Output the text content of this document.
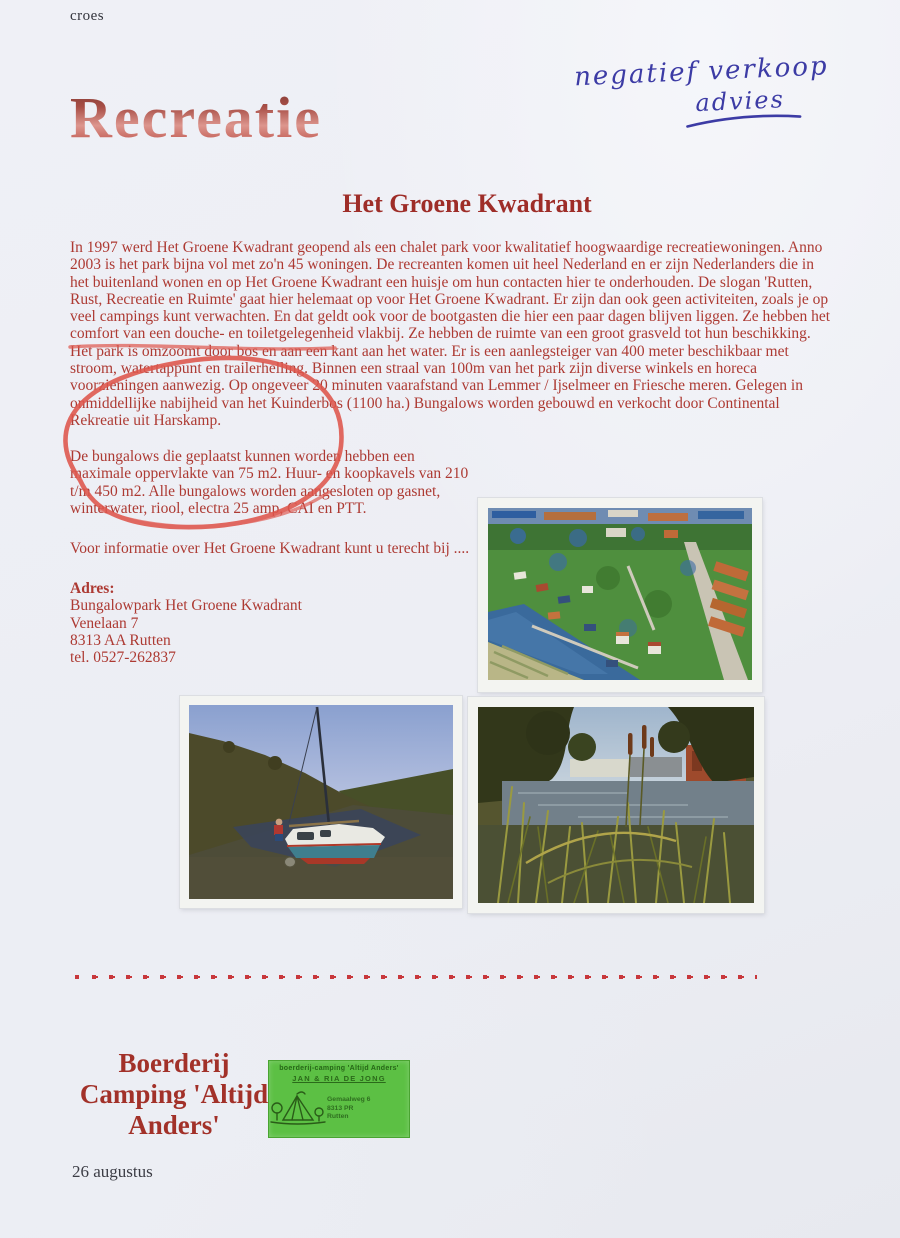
croes
Recreatie
negatief verkoop
advies
Het Groene Kwadrant
In 1997 werd Het Groene Kwadrant geopend als een chalet park voor kwalitatief hoogwaardige recreatiewoningen. Anno 2003 is het park bijna vol met zo'n 45 woningen. De recreanten komen uit heel Nederland en er zijn Nederlanders die in het buitenland wonen en op Het Groene Kwadrant een huisje om hun contacten hier te onderhouden. De slogan 'Rutten, Rust, Recreatie en Ruimte' gaat hier helemaat op voor Het Groene Kwadrant. Er zijn dan ook geen activiteiten, zoals je op veel campings kunt verwachten. En dat geldt ook voor de bootgasten die hier een paar dagen blijven liggen. Ze hebben het comfort van een douche- en toiletgelegenheid vlakbij. Ze hebben de ruimte van een groot grasveld tot hun beschikking. Het park is omzoomt door bos en aan een kant aan het water. Er is een aanlegsteiger van 400 meter beschikbaar met stroom, watertappunt en trailerhelling. Binnen een straal van 100m van het park zijn diverse winkels en horeca voorzieningen aanwezig. Op ongeveer 20 minuten vaarafstand van Lemmer / Ijselmeer en Friesche meren. Gelegen in onmiddellijke nabijheid van het Kuinderbos (1100 ha.) Bungalows worden gebouwd en verkocht door Continental Rekreatie uit Harskamp.
De bungalows die geplaatst kunnen worden hebben een maximale oppervlakte van 75 m2. Huur- en koopkavels van 210 t/m 450 m2. Alle bungalows worden aangesloten op gasnet, winterwater, riool, electra 25 amp, CAI en PTT.
Voor informatie over Het Groene Kwadrant kunt u terecht bij ....
Adres:
Bungalowpark Het Groene Kwadrant
Venelaan 7
8313 AA Rutten
tel. 0527-262837
Boerderij
Camping 'Altijd
Anders'
boerderij-camping 'Altijd Anders'
JAN & RIA DE JONG
Gemaalweg 6
8313 PR
Rutten
26 augustus
